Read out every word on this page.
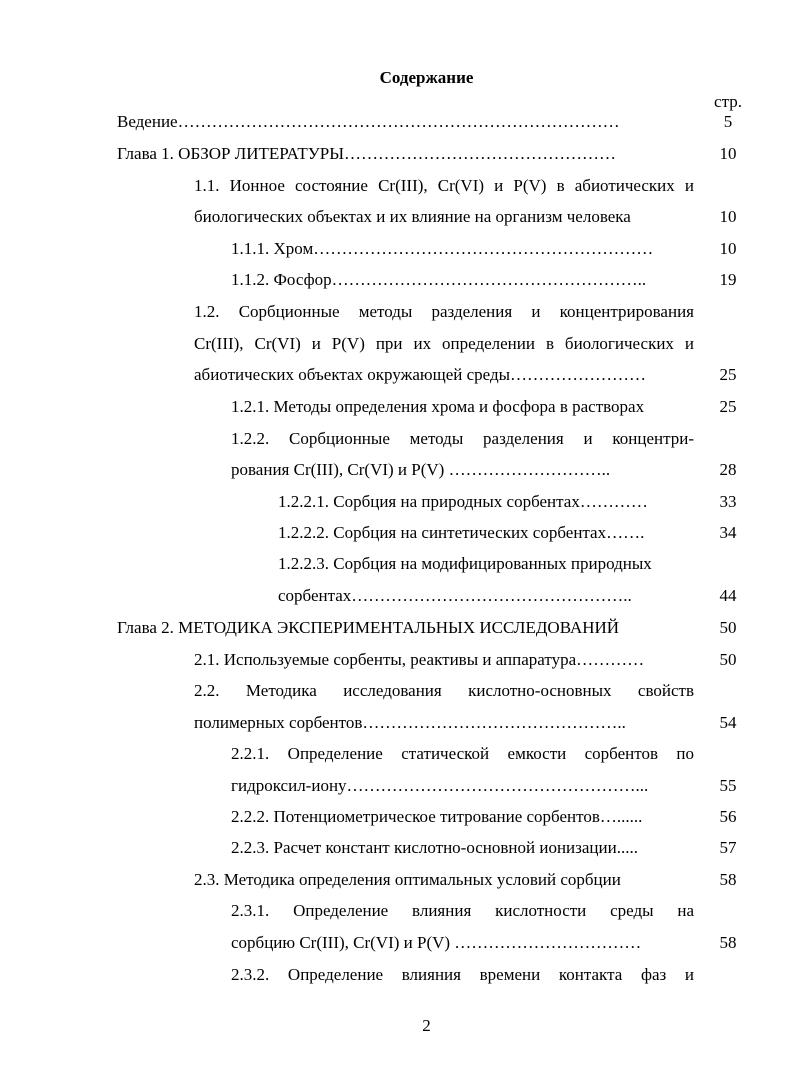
Содержание
стр.
Ведение……………………………………………………………………	5
Глава 1. ОБЗОР ЛИТЕРАТУРЫ…………………………………………	10
1.1. Ионное состояние Cr(III), Cr(VI) и P(V) в абиотических и
биологических объектах и их влияние на организм человека	10
1.1.1. Хром……………………………………………………	10
1.1.2. Фосфор………………………………………………..	19
1.2. Сорбционные методы разделения и концентрирования
Cr(III), Cr(VI) и P(V) при их определении в биологических и
абиотических объектах окружающей среды……………………	25
1.2.1. Методы определения хрома и фосфора в растворах	25
1.2.2. Сорбционные методы разделения и концентри-
рования Cr(III), Cr(VI) и P(V) ………………………..	28
1.2.2.1. Сорбция на природных сорбентах…………	33
1.2.2.2. Сорбция на синтетических сорбентах…….	34
1.2.2.3. Сорбция на модифицированных природных
сорбентах…………………………………………..	44
Глава 2. МЕТОДИКА ЭКСПЕРИМЕНТАЛЬНЫХ ИССЛЕДОВАНИЙ	50
2.1. Используемые сорбенты, реактивы и аппаратура…………	50
2.2. Методика исследования кислотно-основных свойств
полимерных сорбентов………………………………………..	54
2.2.1. Определение статической емкости сорбентов по
гидроксил-иону……………………………………………...	55
2.2.2. Потенциометрическое титрование сорбентов…......	56
2.2.3. Расчет констант кислотно-основной ионизации.....	57
2.3. Методика определения оптимальных условий сорбции	58
2.3.1. Определение влияния кислотности среды на
сорбцию Cr(III), Cr(VI) и P(V) ……………………………	58
2.3.2. Определение влияния времени контакта фаз и
2
